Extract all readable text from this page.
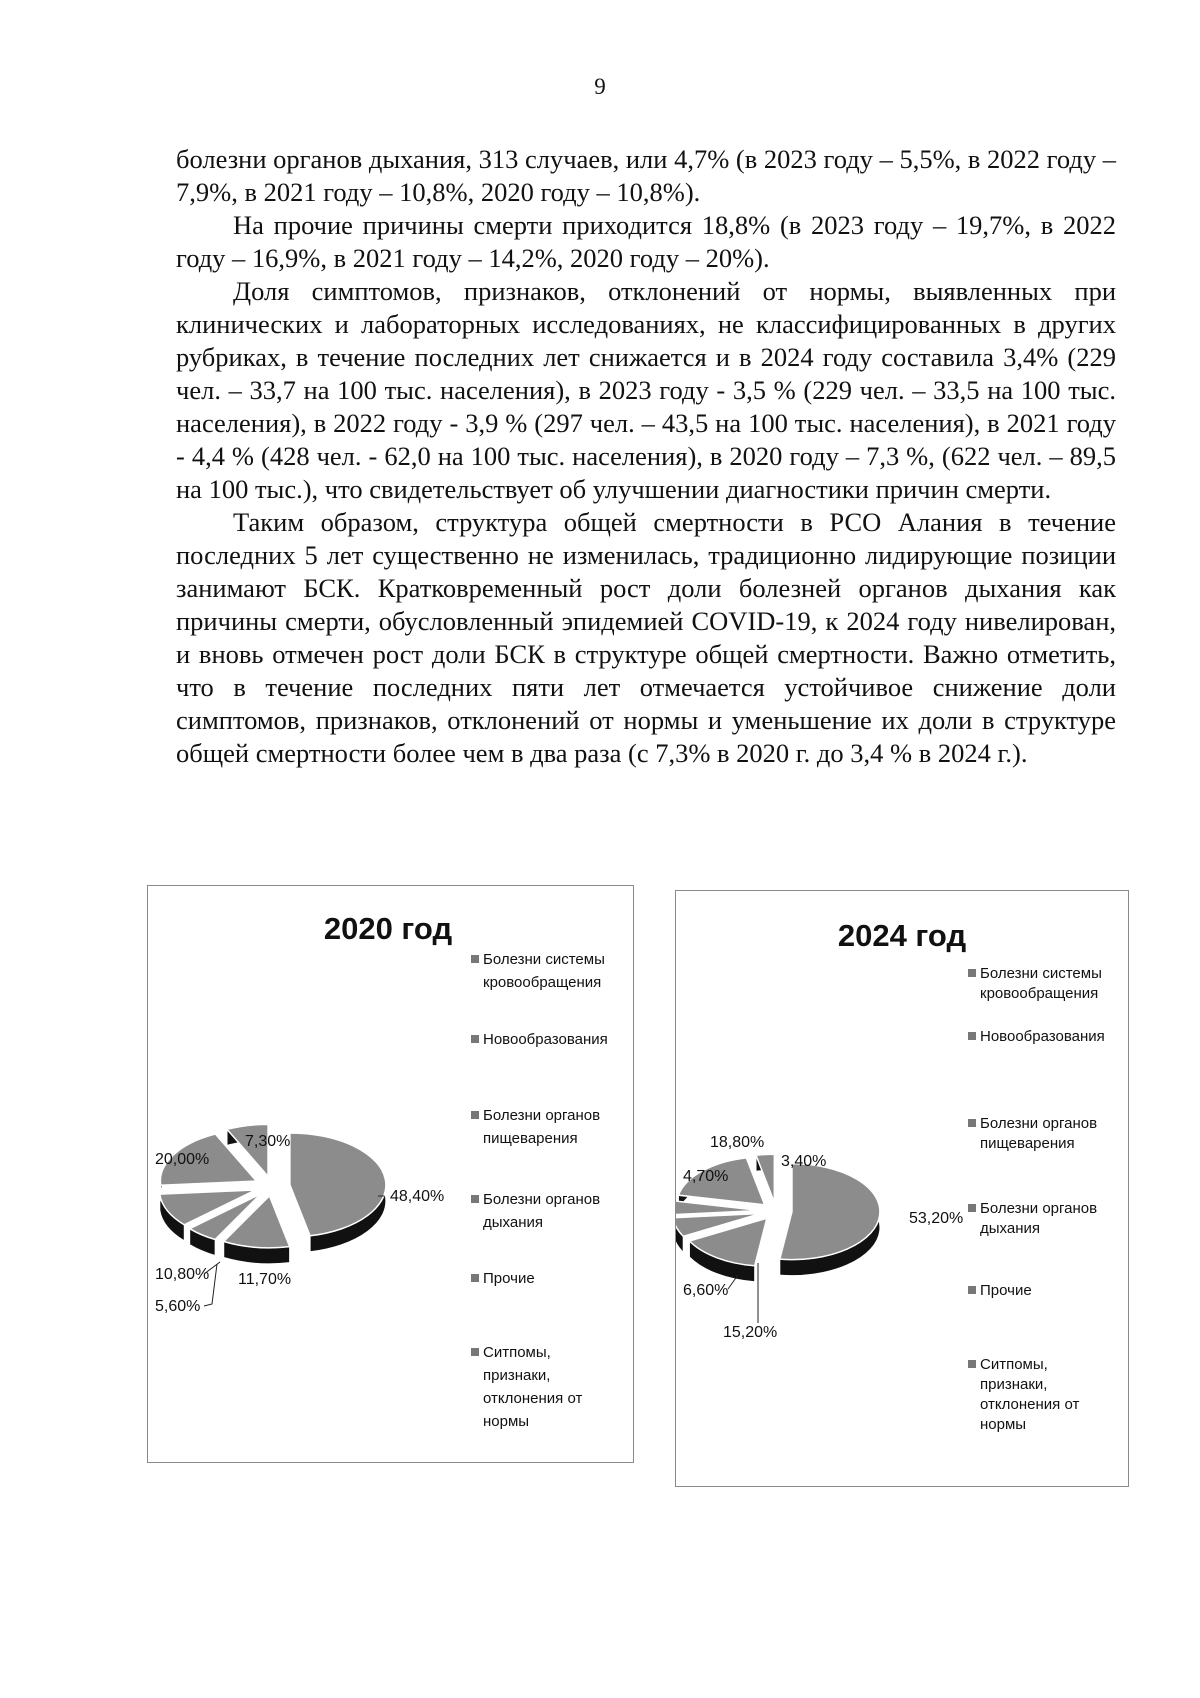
9

болезни органов дыхания, 313 случаев, или 4,7% (в 2023 году – 5,5%, в 2022 году – 7,9%, в 2021 году – 10,8%, 2020 году – 10,8%).

На прочие причины смерти приходится 18,8% (в 2023 году – 19,7%, в 2022 году – 16,9%, в 2021 году – 14,2%, 2020 году – 20%).

Доля симптомов, признаков, отклонений от нормы, выявленных при клинических и лабораторных исследованиях, не классифицированных в других рубриках, в течение последних лет снижается и в 2024 году составила 3,4% (229 чел. – 33,7 на 100 тыс. населения), в 2023 году - 3,5 % (229 чел. – 33,5 на 100 тыс. населения), в 2022 году - 3,9 % (297 чел. – 43,5 на 100 тыс. населения), в 2021 году - 4,4 % (428 чел. - 62,0 на 100 тыс. населения), в 2020 году – 7,3 %, (622 чел. – 89,5 на 100 тыс.), что свидетельствует об улучшении диагностики причин смерти.

Таким образом, структура общей смертности в РСО Алания в течение последних 5 лет существенно не изменилась, традиционно лидирующие позиции занимают БСК. Кратковременный рост доли болезней органов дыхания как причины смерти, обусловленный эпидемией COVID-19, к 2024 году нивелирован, и вновь отмечен рост доли БСК в структуре общей смертности. Важно отметить, что в течение последних пяти лет отмечается устойчивое снижение доли симптомов, признаков, отклонений от нормы и уменьшение их доли в структуре общей смертности более чем в два раза (с 7,3% в 2020 г. до 3,4 % в 2024 г.).

2020 год
48,40%
11,70%
5,60%
10,80%
20,00%
7,30%
Болезни системы
кровообращения
Новообразования
Болезни органов
пищеварения
Болезни органов
дыхания
Прочие
Ситпомы,
признаки,
отклонения от
нормы
2024 год
53,20%
15,20%
6,60%
4,70%
18,80%
3,40%
Болезни системы
кровообращения
Новообразования
Болезни органов
пищеварения
Болезни органов
дыхания
Прочие
Ситпомы,
признаки,
отклонения от
нормы
